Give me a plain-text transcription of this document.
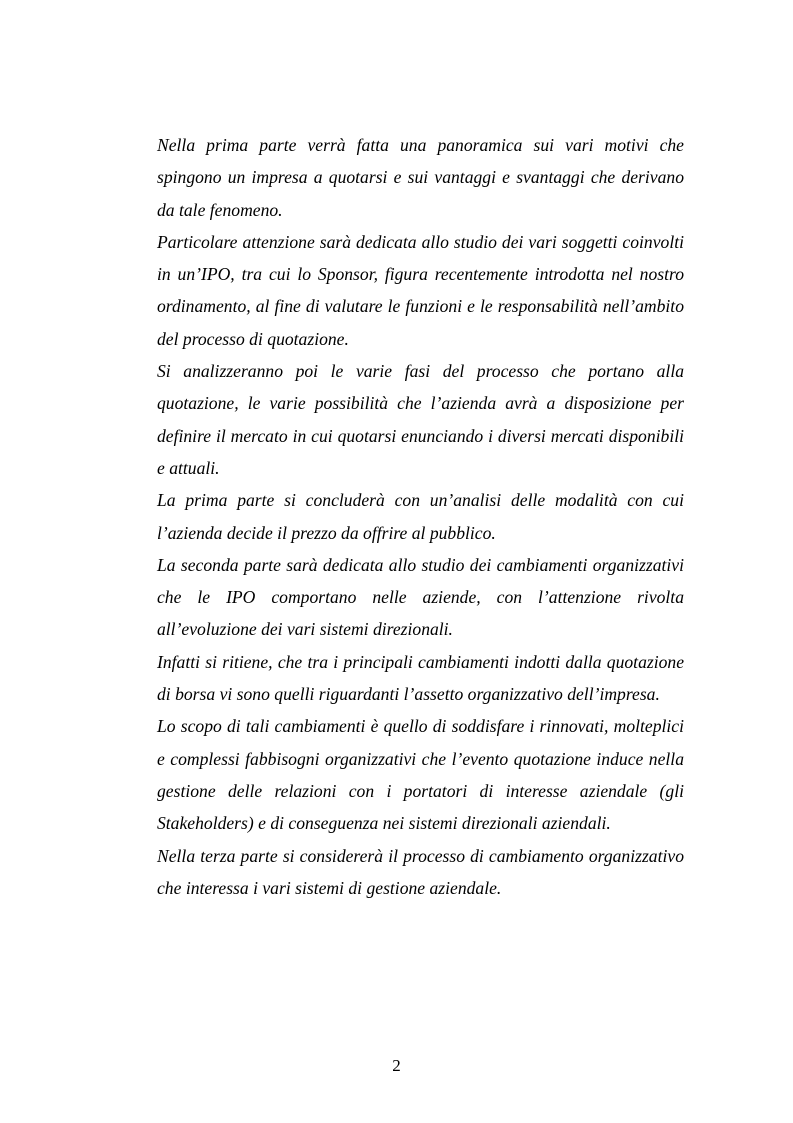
Nella prima parte verrà fatta una panoramica sui vari motivi che spingono un impresa a quotarsi e sui vantaggi e svantaggi che derivano da tale fenomeno.

Particolare attenzione sarà dedicata allo studio dei vari soggetti coinvolti in un’IPO, tra cui lo Sponsor, figura recentemente introdotta nel nostro ordinamento, al fine di valutare le funzioni e le responsabilità nell’ambito del processo di quotazione.

Si analizzeranno poi le varie fasi del processo che portano alla quotazione, le varie possibilità che l’azienda avrà a disposizione per definire il mercato in cui quotarsi enunciando i diversi mercati disponibili e attuali.

La prima parte si concluderà con un’analisi delle modalità con cui l’azienda decide il prezzo da offrire al pubblico.

La seconda parte sarà dedicata allo studio dei cambiamenti organizzativi che le IPO comportano nelle aziende, con l’attenzione rivolta all’evoluzione dei vari sistemi direzionali.

Infatti si ritiene, che tra i principali cambiamenti indotti dalla quotazione di borsa vi sono quelli riguardanti l’assetto organizzativo dell’impresa.

Lo scopo di tali cambiamenti è quello di soddisfare i rinnovati, molteplici e complessi fabbisogni organizzativi che l’evento quotazione induce nella gestione delle relazioni con i portatori di interesse aziendale (gli Stakeholders) e di conseguenza nei sistemi direzionali aziendali.

Nella terza parte si considererà il processo di cambiamento organizzativo che interessa i vari sistemi di gestione aziendale.

2
